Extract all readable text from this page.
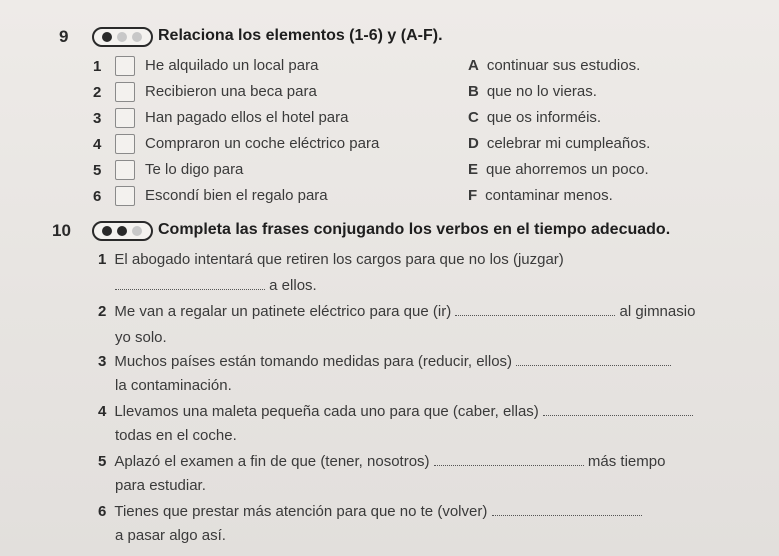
9	Relaciona los elementos (1-6) y (A-F).
1	He alquilado un local para
2	Recibieron una beca para
3	Han pagado ellos el hotel para
4	Compraron un coche eléctrico para
5	Te lo digo para
6	Escondí bien el regalo para
A continuar sus estudios.
B que no lo vieras.
C que os informéis.
D celebrar mi cumpleaños.
E que ahorremos un poco.
F contaminar menos.
10	Completa las frases conjugando los verbos en el tiempo adecuado.
1 El abogado intentará que retiren los cargos para que no los (juzgar)
a ellos.
2 Me van a regalar un patinete eléctrico para que (ir)	al gimnasio
yo solo.
3 Muchos países están tomando medidas para (reducir, ellos)
la contaminación.
4 Llevamos una maleta pequeña cada uno para que (caber, ellas)
todas en el coche.
5 Aplazó el examen a fin de que (tener, nosotros)	más tiempo
para estudiar.
6 Tienes que prestar más atención para que no te (volver)
a pasar algo así.
